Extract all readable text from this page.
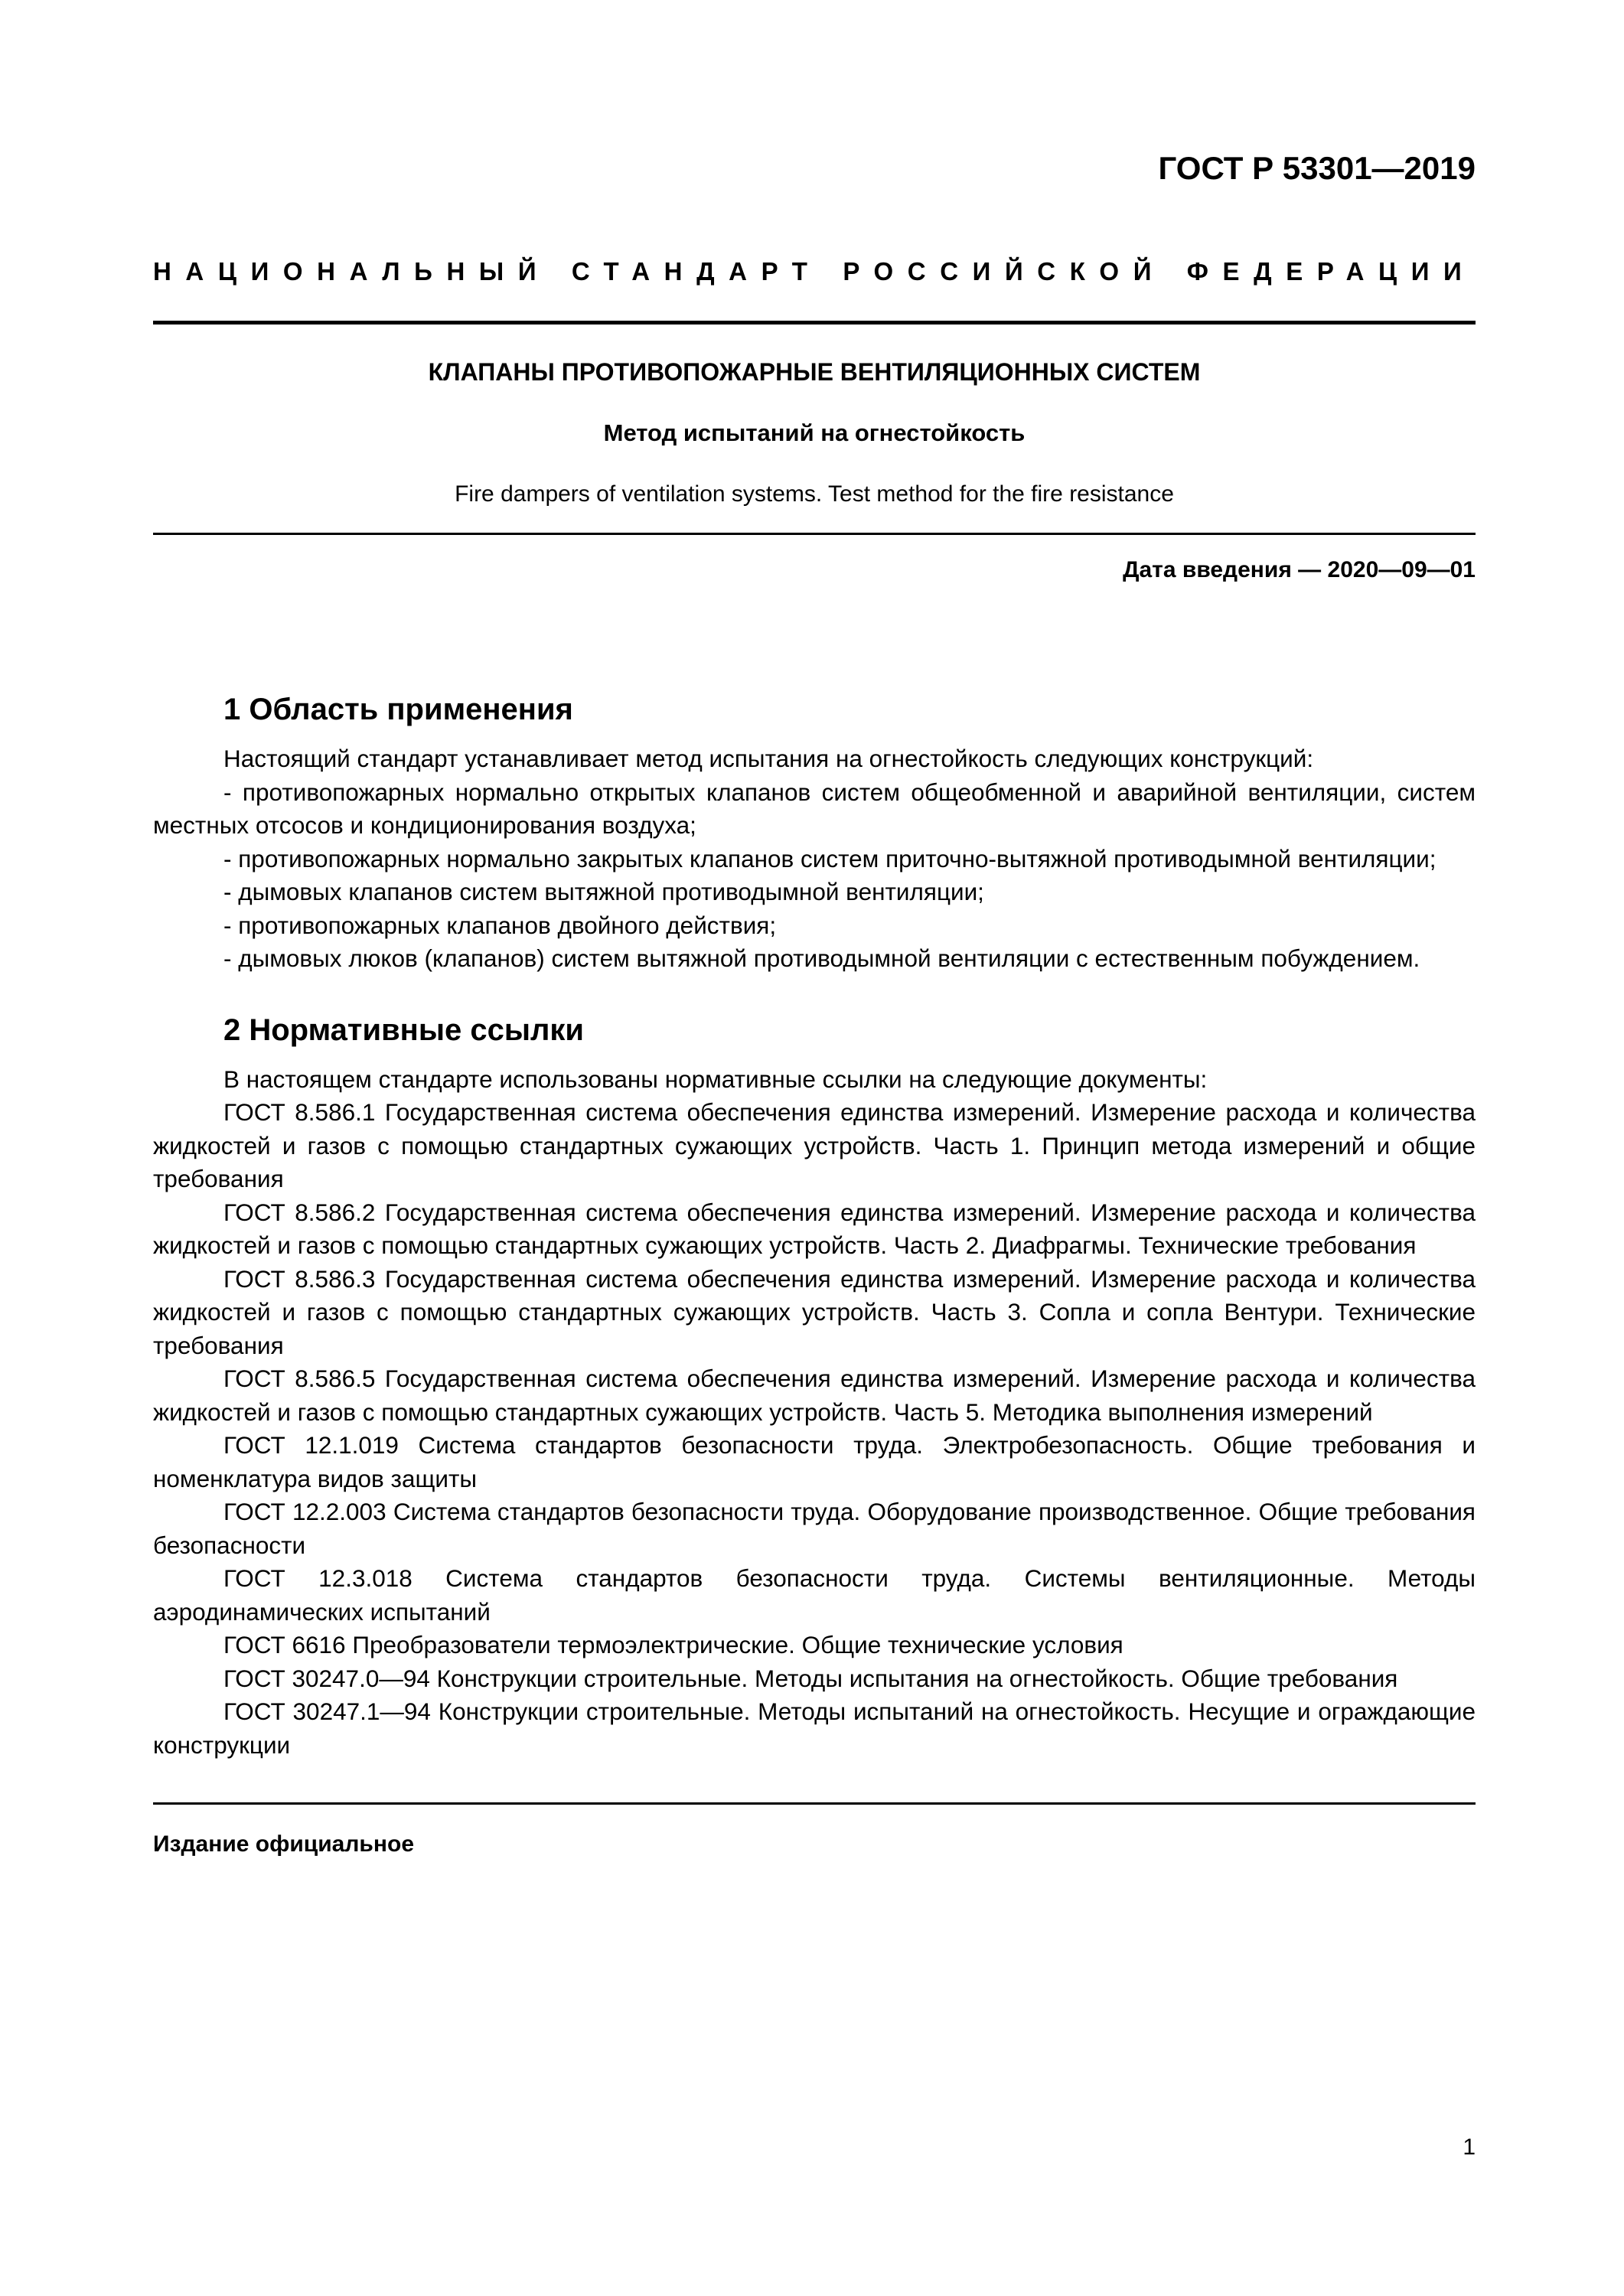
ГОСТ Р 53301—2019
НАЦИОНАЛЬНЫЙ СТАНДАРТ РОССИЙСКОЙ ФЕДЕРАЦИИ
КЛАПАНЫ ПРОТИВОПОЖАРНЫЕ ВЕНТИЛЯЦИОННЫХ СИСТЕМ
Метод испытаний на огнестойкость
Fire dampers of ventilation systems. Test method for the fire resistance
Дата введения — 2020—09—01
1 Область применения

Настоящий стандарт устанавливает метод испытания на огнестойкость следующих конструкций:

- противопожарных нормально открытых клапанов систем общеобменной и аварийной вентиляции, систем местных отсосов и кондиционирования воздуха;

- противопожарных нормально закрытых клапанов систем приточно-вытяжной противодымной вентиляции;

- дымовых клапанов систем вытяжной противодымной вентиляции;

- противопожарных клапанов двойного действия;

- дымовых люков (клапанов) систем вытяжной противодымной вентиляции с естественным побуждением.

2 Нормативные ссылки

В настоящем стандарте использованы нормативные ссылки на следующие документы:

ГОСТ 8.586.1 Государственная система обеспечения единства измерений. Измерение расхода и количества жидкостей и газов с помощью стандартных сужающих устройств. Часть 1. Принцип метода измерений и общие требования

ГОСТ 8.586.2 Государственная система обеспечения единства измерений. Измерение расхода и количества жидкостей и газов с помощью стандартных сужающих устройств. Часть 2. Диафрагмы. Технические требования

ГОСТ 8.586.3 Государственная система обеспечения единства измерений. Измерение расхода и количества жидкостей и газов с помощью стандартных сужающих устройств. Часть 3. Сопла и сопла Вентури. Технические требования

ГОСТ 8.586.5 Государственная система обеспечения единства измерений. Измерение расхода и количества жидкостей и газов с помощью стандартных сужающих устройств. Часть 5. Методика выполнения измерений

ГОСТ 12.1.019 Система стандартов безопасности труда. Электробезопасность. Общие требования и номенклатура видов защиты

ГОСТ 12.2.003 Система стандартов безопасности труда. Оборудование производственное. Общие требования безопасности

ГОСТ 12.3.018 Система стандартов безопасности труда. Системы вентиляционные. Методы аэродинамических испытаний

ГОСТ 6616 Преобразователи термоэлектрические. Общие технические условия

ГОСТ 30247.0—94 Конструкции строительные. Методы испытания на огнестойкость. Общие требования

ГОСТ 30247.1—94 Конструкции строительные. Методы испытаний на огнестойкость. Несущие и ограждающие конструкции

Издание официальное
1
